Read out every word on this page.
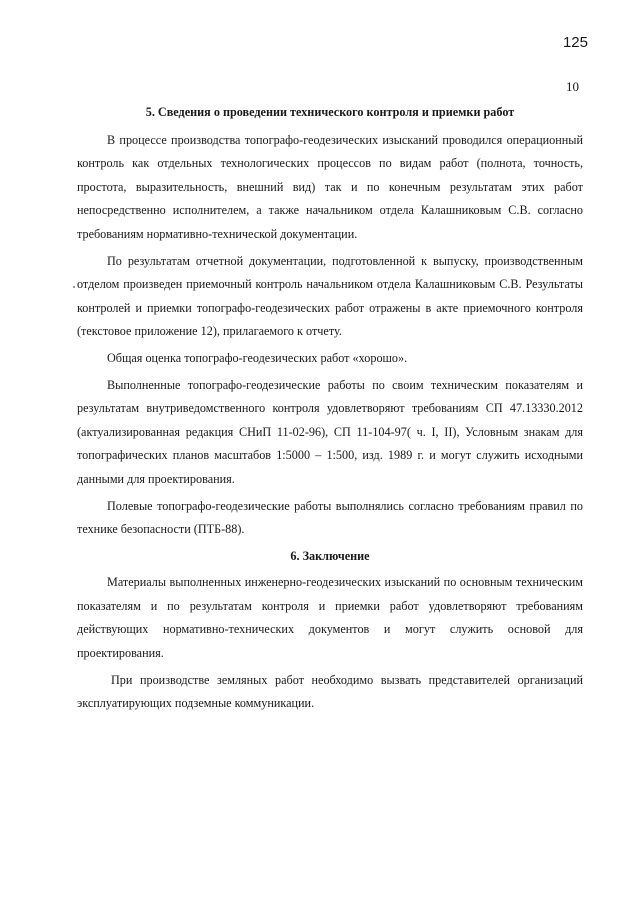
125
10
5. Сведения о проведении технического контроля и приемки работ

В процессе производства топографо-геодезических изысканий проводился операционный контроль как отдельных технологических процессов по видам работ (полнота, точность, простота, выразительность, внешний вид) так и по конечным результатам этих работ непосредственно исполнителем, а также начальником отдела Калашниковым С.В. согласно требованиям нормативно-технической документации.

По результатам отчетной документации, подготовленной к выпуску, производственным отделом произведен приемочный контроль начальником отдела Калашниковым С.В. Результаты контролей и приемки топографо-геодезических работ отражены в акте приемочного контроля (текстовое приложение 12), прилагаемого к отчету.

Общая оценка топографо-геодезических работ «хорошо».

Выполненные топографо-геодезические работы по своим техническим показателям и результатам внутриведомственного контроля удовлетворяют требованиям СП 47.13330.2012 (актуализированная редакция СНиП 11-02-96), СП 11-104-97( ч. I, II), Условным знакам для топографических планов масштабов 1:5000 – 1:500, изд. 1989 г. и могут служить исходными данными для проектирования.

Полевые топографо-геодезические работы выполнялись согласно требованиям правил по технике безопасности (ПТБ-88).

6. Заключение

Материалы выполненных инженерно-геодезических изысканий по основным техническим показателям и по результатам контроля и приемки работ удовлетворяют требованиям действующих нормативно-технических документов и могут служить основой для проектирования.

При производстве земляных работ необходимо вызвать представителей организаций эксплуатирующих подземные коммуникации.
